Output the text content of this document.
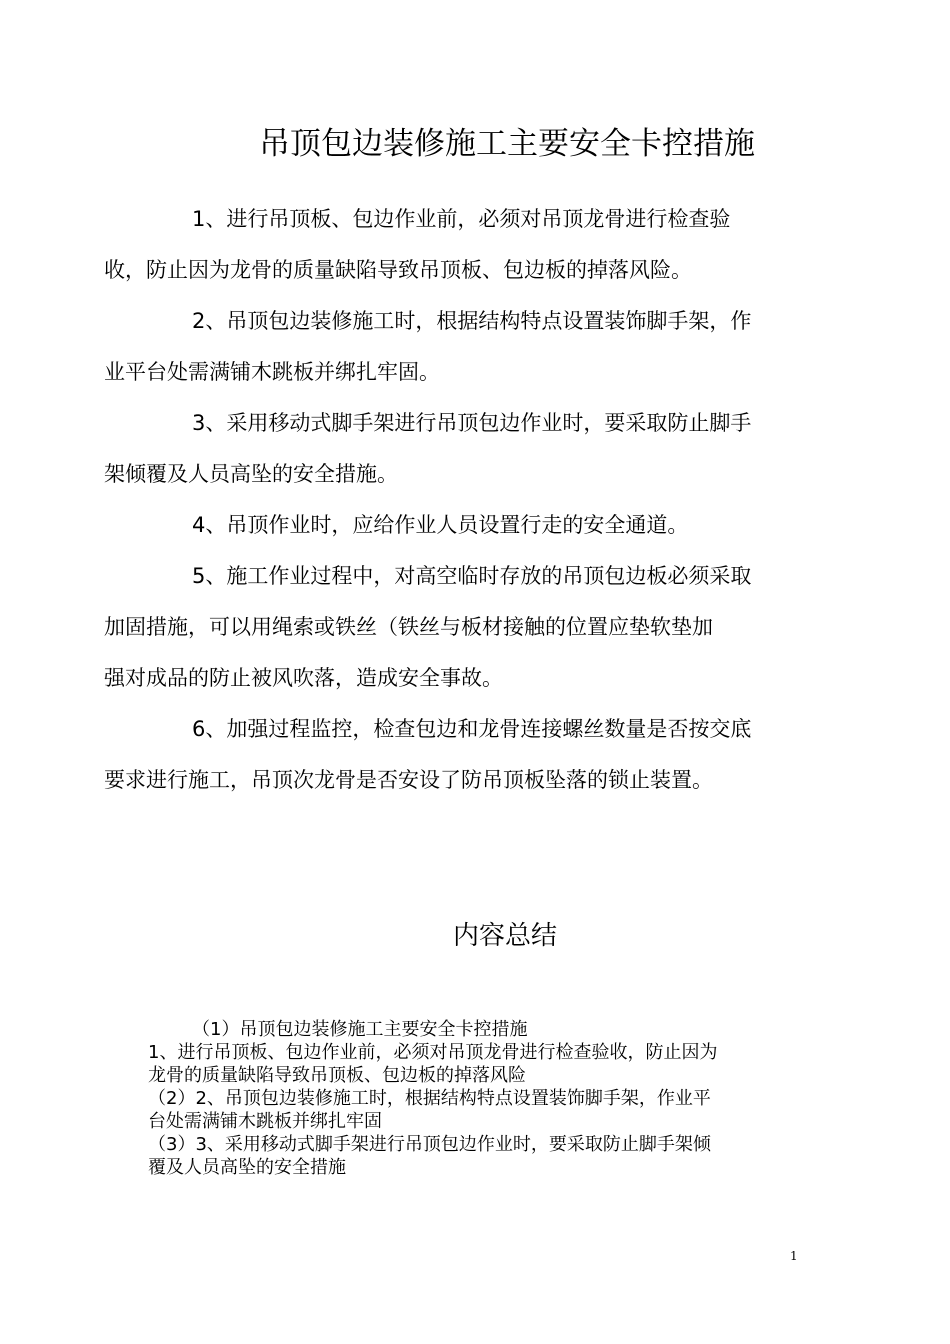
吊顶包边装修施工主要安全卡控措施

1、进行吊顶板、包边作业前，必须对吊顶龙骨进行检查验
收，防止因为龙骨的质量缺陷导致吊顶板、包边板的掉落风险。

2、吊顶包边装修施工时，根据结构特点设置装饰脚手架，作
业平台处需满铺木跳板并绑扎牢固。

3、采用移动式脚手架进行吊顶包边作业时，要采取防止脚手
架倾覆及人员高坠的安全措施。

4、吊顶作业时，应给作业人员设置行走的安全通道。

5、施工作业过程中，对高空临时存放的吊顶包边板必须采取
加固措施，可以用绳索或铁丝（铁丝与板材接触的位置应垫软垫加
强对成品的防止被风吹落，造成安全事故。

6、加强过程监控，检查包边和龙骨连接螺丝数量是否按交底
要求进行施工，吊顶次龙骨是否安设了防吊顶板坠落的锁止装置。

内容总结
（1）吊顶包边装修施工主要安全卡控措施
1、进行吊顶板、包边作业前，必须对吊顶龙骨进行检查验收，防止因为
龙骨的质量缺陷导致吊顶板、包边板的掉落风险
（2）2、吊顶包边装修施工时，根据结构特点设置装饰脚手架，作业平
台处需满铺木跳板并绑扎牢固
（3）3、采用移动式脚手架进行吊顶包边作业时，要采取防止脚手架倾
覆及人员高坠的安全措施
1
